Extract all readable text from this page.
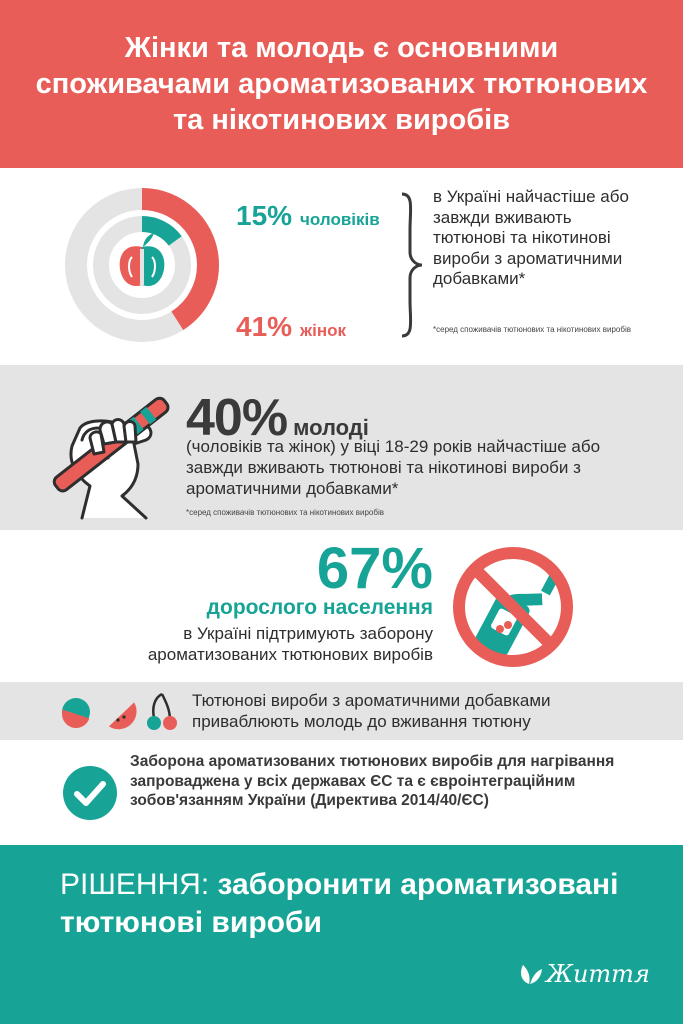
Жінки та молодь є основними споживачами ароматизованих тютюнових та нікотинових виробів
15% чоловіків
41% жінок
в Україні найчастіше або завжди вживають тютюнові та нікотинові вироби з ароматичними добавками*
*серед споживачів тютюнових та нікотинових виробів
40% молоді
(чоловіків та жінок) у віці 18-29 років найчастіше або завжди вживають тютюнові та нікотинові вироби з ароматичними добавками*
*серед споживачів тютюнових та нікотинових виробів
67%
дорослого населення
в Україні підтримують заборону ароматизованих тютюнових виробів
Тютюнові вироби з ароматичними добавками приваблюють молодь до вживання тютюну
Заборона ароматизованих тютюнових виробів для нагрівання запроваджена у всіх державах ЄС та є євроінтеграційним зобов'язанням України (Директива 2014/40/ЄС)
РІШЕННЯ: заборонити ароматизовані тютюнові вироби
Життя
